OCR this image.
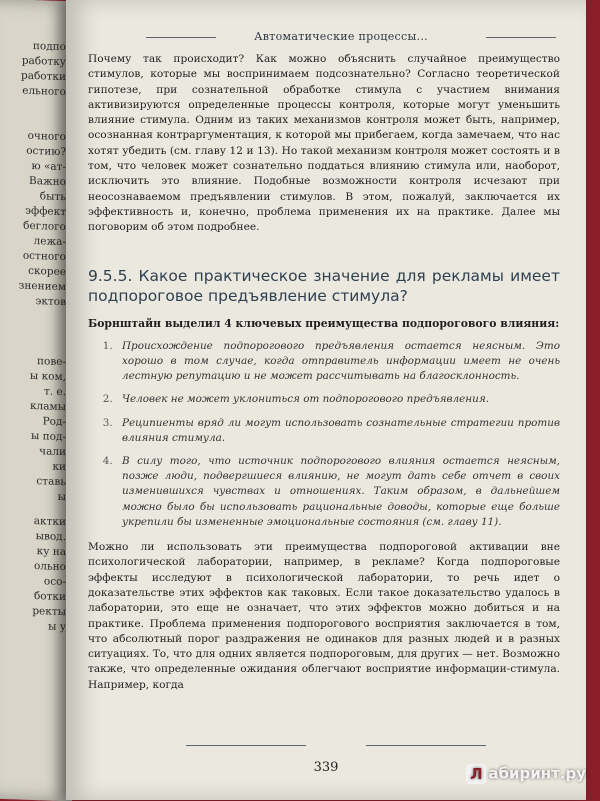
подпо
работку
работки
ельного
очного
остию?
ю «ат-
Важно
быть
эффект
беглого
лежа-
остного
скорее
знением
эктов
пове-
ы ком,
т. е.
кламы
Род-
ы под-
чали
ки
ставь
ы
актки
ывод.
ку на
ольно
осо-
ботки
ректы
ы у
Автоматические процессы...

Почему так происходит? Как можно объяснить случайное преимущество стимулов, которые мы воспринимаем подсознательно? Согласно теоретической гипотезе, при сознательной обработке стимула с участием внимания активизируются определенные процессы контроля, которые могут уменьшить влияние стимула. Одним из таких механизмов контроля может быть, например, осознанная контраргументация, к которой мы прибегаем, когда замечаем, что нас хотят убедить (см. главу 12 и 13). Но такой механизм контроля может состоять и в том, что человек может сознательно поддаться влиянию стимула или, наоборот, исключить это влияние. Подобные возможности контроля исчезают при неосознаваемом предъявлении стимулов. В этом, пожалуй, заключается их эффективность и, конечно, проблема применения их на практике. Далее мы поговорим об этом подробнее.

9.5.5. Какое практическое значение для рекламы имеет подпороговое предъявление стимула?

Борнштайн выделил 4 ключевых преимущества подпорогового влияния:

1. Происхождение подпорогового предъявления остается неясным. Это хорошо в том случае, когда отправитель информации имеет не очень лестную репутацию и не может рассчитывать на благосклонность.
2. Человек не может уклониться от подпорогового предъявления.
3. Реципиенты вряд ли могут использовать сознательные стратегии против влияния стимула.
4. В силу того, что источник подпорогового влияния остается неясным, позже люди, подвергшиеся влиянию, не могут дать себе отчет в своих изменившихся чувствах и отношениях. Таким образом, в дальнейшем можно было бы использовать рациональные доводы, которые еще больше укрепили бы измененные эмоциональные состояния (см. главу 11).

Можно ли использовать эти преимущества подпороговой активации вне психологической лаборатории, например, в рекламе? Когда подпороговые эффекты исследуют в психологической лаборатории, то речь идет о доказательстве этих эффектов как таковых. Если такое доказательство удалось в лаборатории, это еще не означает, что этих эффектов можно добиться и на практике. Проблема применения подпорогового восприятия заключается в том, что абсолютный порог раздражения не одинаков для разных людей и в разных ситуациях. То, что для одних является подпороговым, для других — нет. Возможно также, что определенные ожидания облегчают восприятие информации-стимула. Например, когда

339	Л абиринт.ру
